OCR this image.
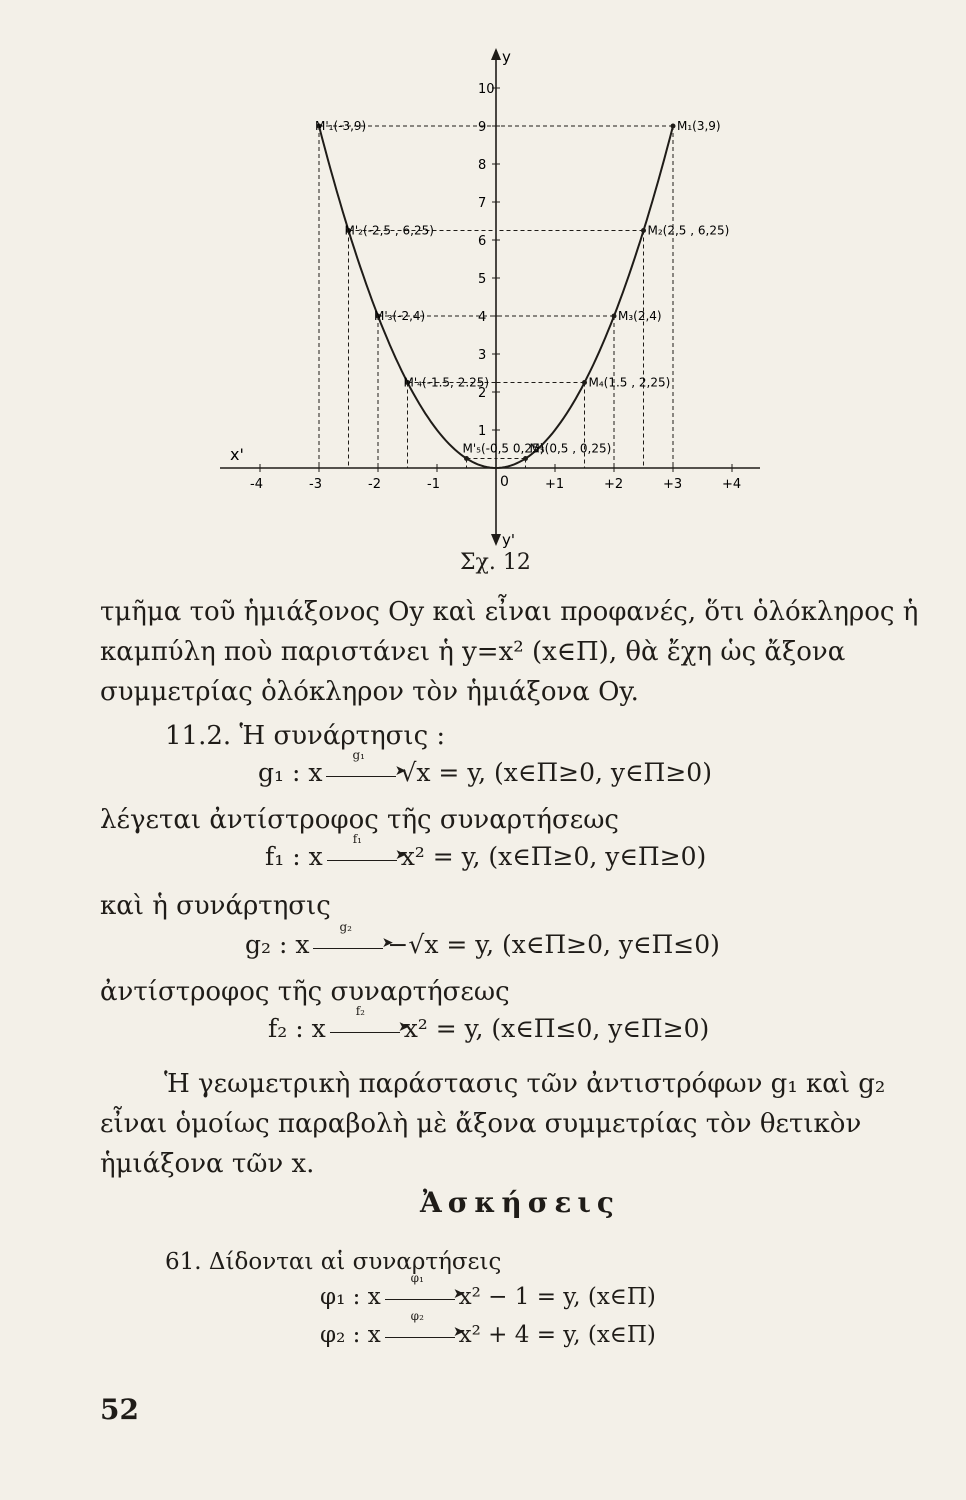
x'
y
y'
0
-4	-3	-2	-1	+1	+2	+3	+4
1
2
3
4
5
6
7
8
9
10
M₁(3,9)
M'₁(-3,9)
M₂(2,5 , 6,25)
M'₂(-2,5 , 6,25)
M₃(2,4)
M'₃(-2,4)
M₄(1.5 , 2,25)
M'₄(-1.5, 2.25)
M₅(0,5 , 0,25)
M'₅(-0,5 0,25)
Σχ. 12
τμῆμα τοῦ ἡμιάξονος Oy καὶ εἶναι προφανές, ὅτι ὁλόκληρος ἡ καμπύλη ποὺ παριστάνει ἡ y=x² (x∈Π), θὰ ἔχη ὡς ἄξονα συμμετρίας ὁλόκληρον τὸν ἡμιάξονα Oy.
11.2. Ἡ συνάρτησις :
g₁ : x
g₁
➤√x = y, (x∈Π≥0, y∈Π≥0)
λέγεται ἀντίστροφος τῆς συναρτήσεως
f₁ : x
f₁
➤x² = y, (x∈Π≥0, y∈Π≥0)
καὶ ἡ συνάρτησις
g₂ : x
g₂
➤−√x = y, (x∈Π≥0, y∈Π≤0)
ἀντίστροφος τῆς συναρτήσεως
f₂ : x
f₂
➤x² = y, (x∈Π≤0, y∈Π≥0)
Ἡ γεωμετρικὴ παράστασις τῶν ἀντιστρόφων g₁ καὶ g₂ εἶναι ὁμοίως παραβολὴ μὲ ἄξονα συμμετρίας τὸν θετικὸν ἡμιάξονα τῶν x.
Ἀσκήσεις
61. Δίδονται αἱ συναρτήσεις
φ₁ : x
φ₁
➤x² − 1 = y, (x∈Π)
φ₂ : x
φ₂
➤x² + 4 = y, (x∈Π)
52
